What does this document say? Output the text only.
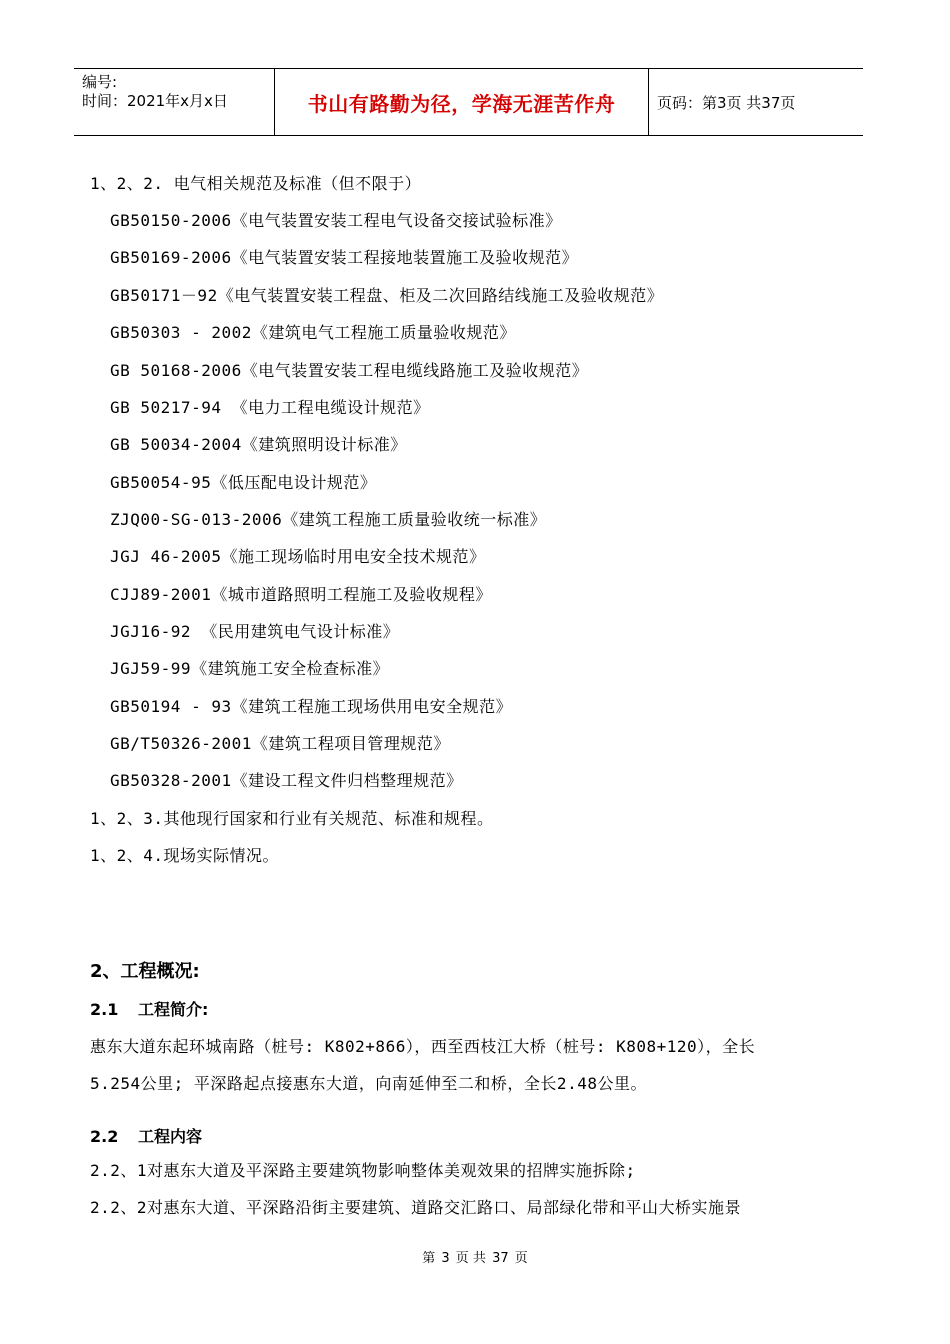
编号:
时间：2021年x月x日	书山有路勤为径，学海无涯苦作舟	页码：第3页 共37页
1、2、2. 电气相关规范及标准（但不限于）
GB50150-2006《电气装置安装工程电气设备交接试验标准》
GB50169-2006《电气装置安装工程接地装置施工及验收规范》
GB50171－92《电气装置安装工程盘、柜及二次回路结线施工及验收规范》
GB50303 - 2002《建筑电气工程施工质量验收规范》
GB 50168-2006《电气装置安装工程电缆线路施工及验收规范》
GB 50217-94 《电力工程电缆设计规范》
GB 50034-2004《建筑照明设计标准》
GB50054-95《低压配电设计规范》
ZJQ00-SG-013-2006《建筑工程施工质量验收统一标准》
JGJ 46-2005《施工现场临时用电安全技术规范》
CJJ89-2001《城市道路照明工程施工及验收规程》
JGJ16-92 《民用建筑电气设计标准》
JGJ59-99《建筑施工安全检查标准》
GB50194 - 93《建筑工程施工现场供用电安全规范》
GB/T50326-2001《建筑工程项目管理规范》
GB50328-2001《建设工程文件归档整理规范》
1、2、3.其他现行国家和行业有关规范、标准和规程。
1、2、4.现场实际情况。
2、工程概况:
2.1 工程简介:
惠东大道东起环城南路（桩号: K802+866），西至西枝江大桥（桩号: K808+120），全长
5.254公里; 平深路起点接惠东大道，向南延伸至二和桥，全长2.48公里。
2.2 工程内容
2.2、1对惠东大道及平深路主要建筑物影响整体美观效果的招牌实施拆除;
2.2、2对惠东大道、平深路沿街主要建筑、道路交汇路口、局部绿化带和平山大桥实施景
第 3 页 共 37 页
